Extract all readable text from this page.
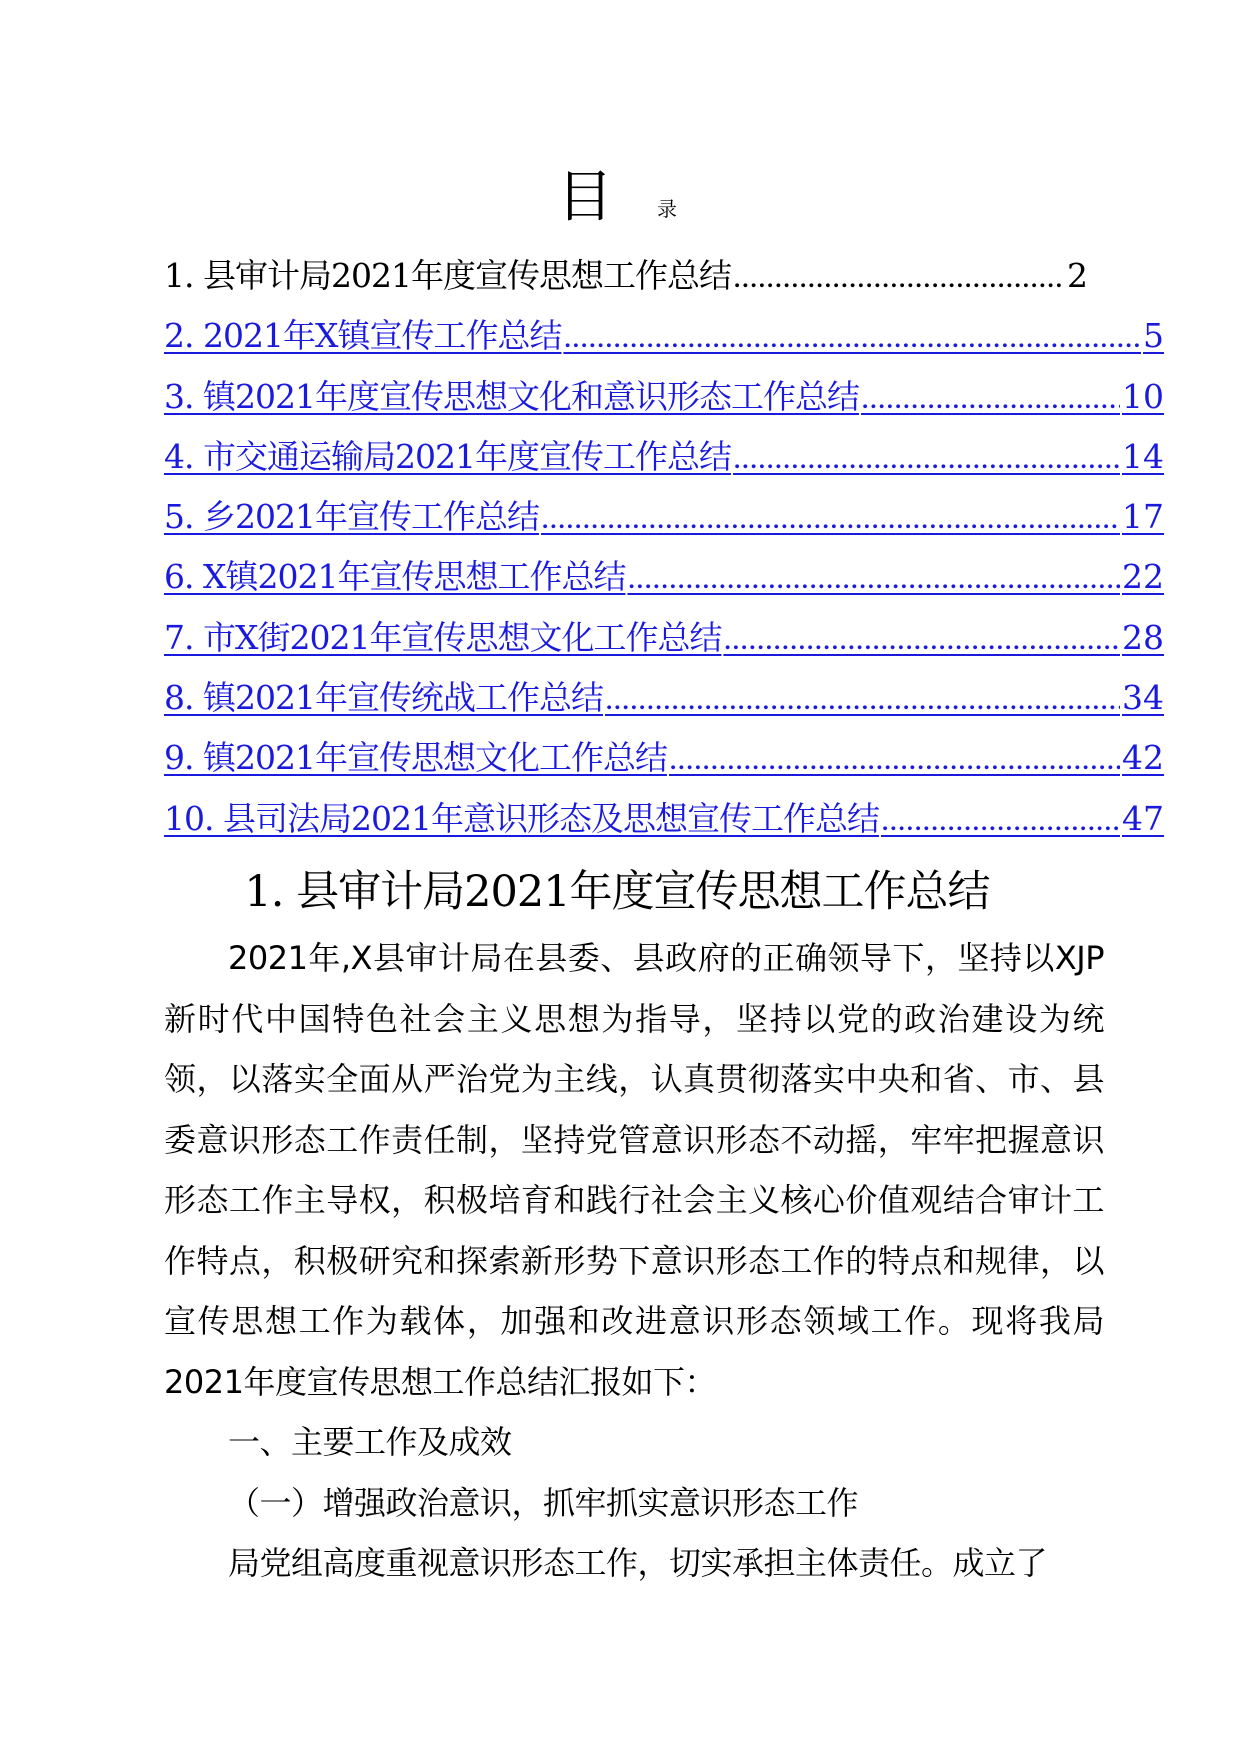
目 录
1. 县审计局2021年度宣传思想工作总结 .....	2
2. 2021年X镇宣传工作总结 .....	5
3. 镇2021年度宣传思想文化和意识形态工作总结 .....	10
4. 市交通运输局2021年度宣传工作总结 .....	14
5. 乡2021年宣传工作总结 .....	17
6. X镇2021年宣传思想工作总结 .....	22
7. 市X街2021年宣传思想文化工作总结 .....	28
8. 镇2021年宣传统战工作总结 .....	34
9. 镇2021年宣传思想文化工作总结 .....	42
10. 县司法局2021年意识形态及思想宣传工作总结 .....	47
1. 县审计局2021年度宣传思想工作总结

2021年,X县审计局在县委、县政府的正确领导下，坚持以XJP新时代中国特色社会主义思想为指导，坚持以党的政治建设为统领，以落实全面从严治党为主线，认真贯彻落实中央和省、市、县委意识形态工作责任制，坚持党管意识形态不动摇，牢牢把握意识形态工作主导权，积极培育和践行社会主义核心价值观结合审计工作特点，积极研究和探索新形势下意识形态工作的特点和规律，以宣传思想工作为载体，加强和改进意识形态领域工作。现将我局2021年度宣传思想工作总结汇报如下：

一、主要工作及成效

（一）增强政治意识，抓牢抓实意识形态工作

局党组高度重视意识形态工作，切实承担主体责任。成立了
